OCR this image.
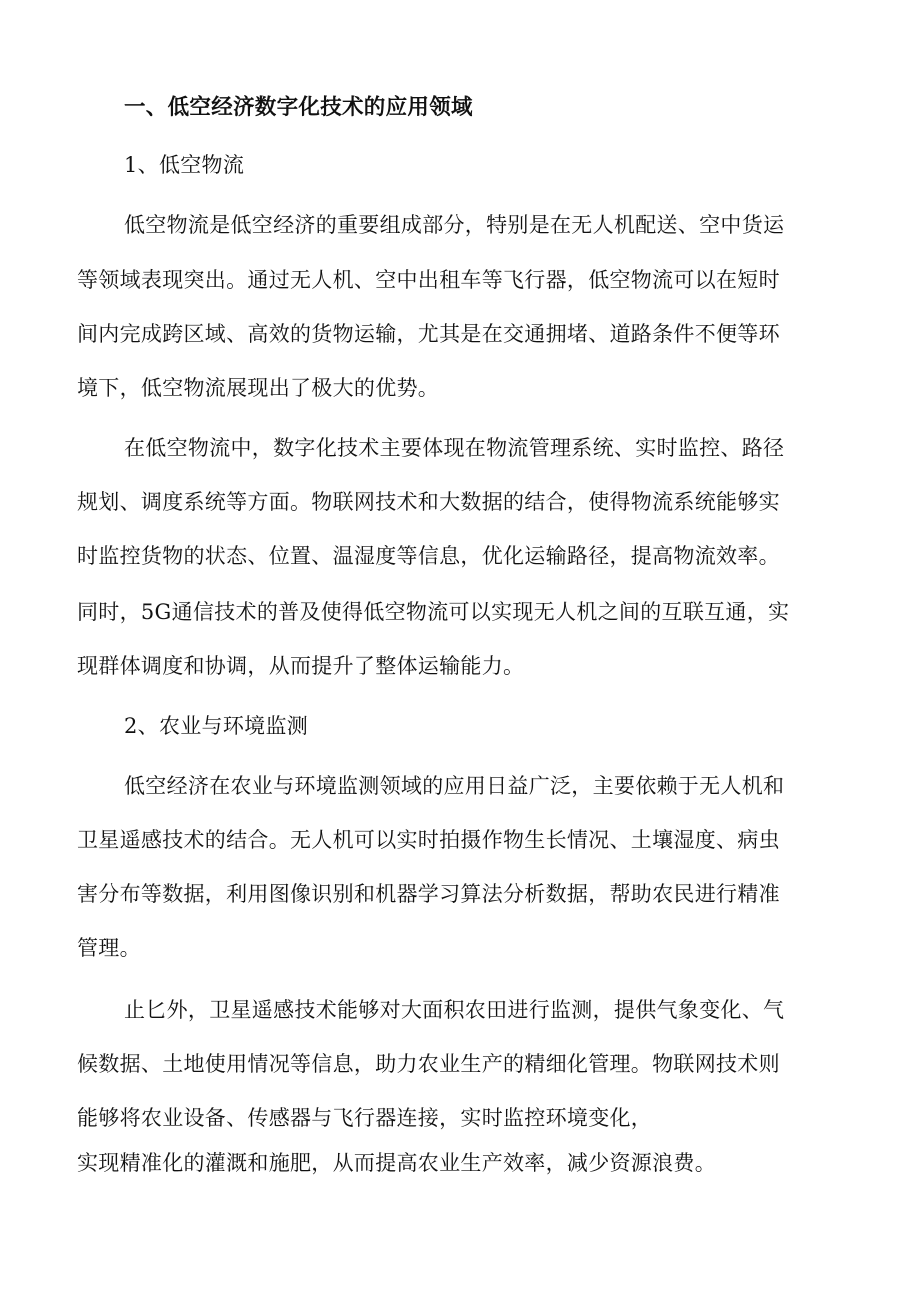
一、低空经济数字化技术的应用领域

1、低空物流

低空物流是低空经济的重要组成部分，特别是在无人机配送、空中货运

等领域表现突出。通过无人机、空中出租车等飞行器，低空物流可以在短时

间内完成跨区域、高效的货物运输，尤其是在交通拥堵、道路条件不便等环

境下，低空物流展现出了极大的优势。

在低空物流中，数字化技术主要体现在物流管理系统、实时监控、路径

规划、调度系统等方面。物联网技术和大数据的结合，使得物流系统能够实

时监控货物的状态、位置、温湿度等信息，优化运输路径，提高物流效率。

同时，5G通信技术的普及使得低空物流可以实现无人机之间的互联互通，实

现群体调度和协调，从而提升了整体运输能力。

2、农业与环境监测

低空经济在农业与环境监测领域的应用日益广泛，主要依赖于无人机和

卫星遥感技术的结合。无人机可以实时拍摄作物生长情况、土壤湿度、病虫

害分布等数据，利用图像识别和机器学习算法分析数据，帮助农民进行精准

管理。

止匕外，卫星遥感技术能够对大面积农田进行监测，提供气象变化、气

候数据、土地使用情况等信息，助力农业生产的精细化管理。物联网技术则

能够将农业设备、传感器与飞行器连接，实时监控环境变化，

实现精准化的灌溉和施肥，从而提高农业生产效率，减少资源浪费。
